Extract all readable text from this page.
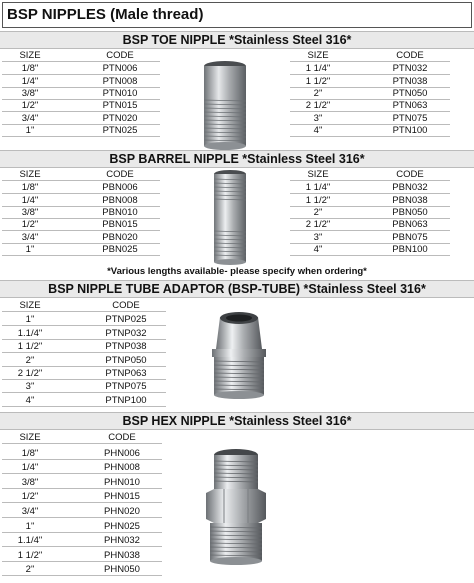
BSP NIPPLES (Male thread)
BSP TOE NIPPLE *Stainless Steel 316*
SIZE	CODE
1/8"	PTN006
1/4"	PTN008
3/8"	PTN010
1/2"	PTN015
3/4"	PTN020
1"	PTN025
SIZE	CODE
1 1/4"	PTN032
1 1/2"	PTN038
2"	PTN050
2 1/2"	PTN063
3"	PTN075
4"	PTN100
BSP BARREL NIPPLE *Stainless Steel 316*
SIZE	CODE
1/8"	PBN006
1/4"	PBN008
3/8"	PBN010
1/2"	PBN015
3/4"	PBN020
1"	PBN025
SIZE	CODE
1 1/4"	PBN032
1 1/2"	PBN038
2"	PBN050
2 1/2"	PBN063
3"	PBN075
4"	PBN100
*Various lengths available- please specify when ordering*
BSP NIPPLE TUBE ADAPTOR (BSP-TUBE) *Stainless Steel 316*
SIZE	CODE
1"	PTNP025
1.1/4"	PTNP032
1 1/2"	PTNP038
2"	PTNP050
2 1/2"	PTNP063
3"	PTNP075
4"	PTNP100
BSP HEX NIPPLE *Stainless Steel 316*
SIZE	CODE
1/8"	PHN006
1/4"	PHN008
3/8"	PHN010
1/2"	PHN015
3/4"	PHN020
1"	PHN025
1.1/4"	PHN032
1 1/2"	PHN038
2"	PHN050
